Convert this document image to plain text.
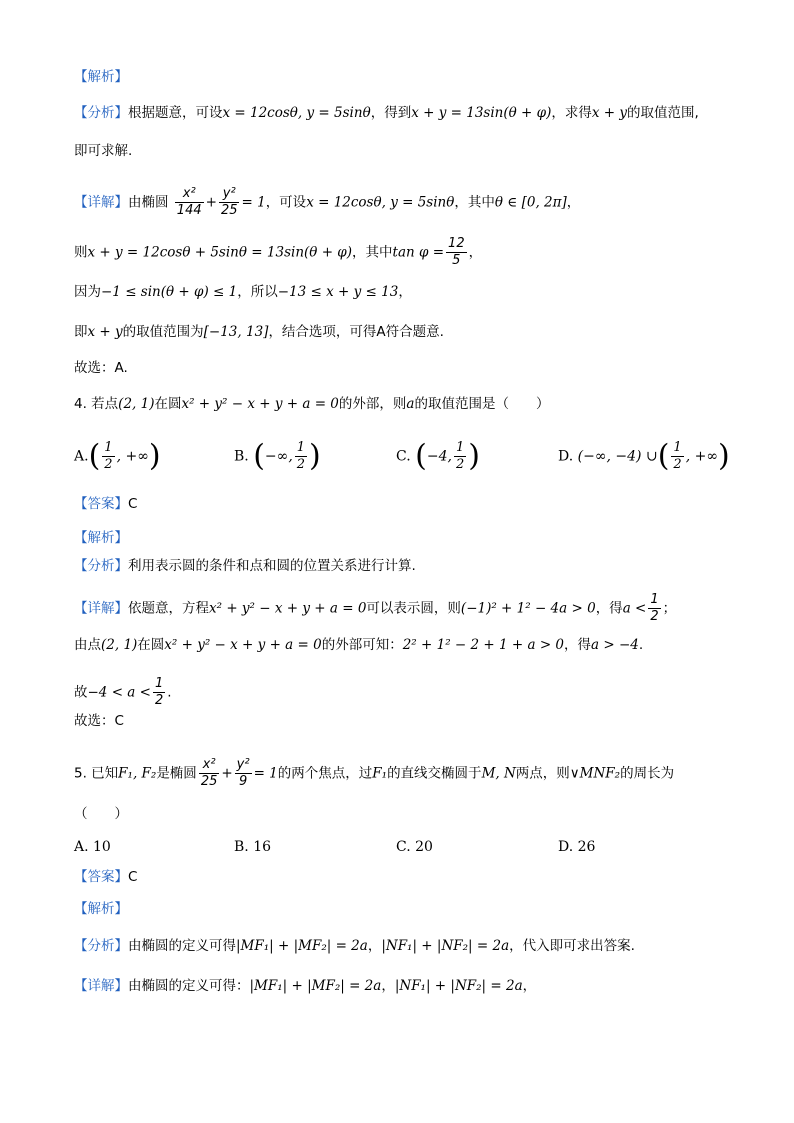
【解析】
【分析】根据题意，可设x = 12cosθ, y = 5sinθ，得到x + y = 13sin(θ + φ)，求得x + y的取值范围,
即可求解.
【详解】由椭圆 $\frac{\text{x²}}{144} + \frac{\text{y²}}{25} = 1$，可设x = 12cosθ, y = 5sinθ，其中θ ∈ [0, 2π]，
则x + y = 12cosθ + 5sinθ = 13sin(θ + φ)，其中$\tan \varphi = \frac{12}{5}$ ，
因为−1 ≤ sin(θ + φ) ≤ 1，所以−13 ≤ x + y ≤ 13，
即x + y的取值范围为[−13, 13]，结合选项，可得A符合题意.
故选：A.
4. 若点(2, 1)在圆x² + y² − x + y + a = 0的外部，则a的取值范围是（　　）
$A.( \frac{1}{2}$ , +∞)	B. (−∞, $\frac{1}{2}$ )	C. (−4, $\frac{1}{2}$ )	D. (−∞, −4) ∪( $\frac{1}{2}$ , +∞)
【答案】C
【解析】
【分析】利用表示圆的条件和点和圆的位置关系进行计算.
【详解】依题意，方程x² + y² − x + y + a = 0可以表示圆，则(−1)² + 1² − 4a > 0，得$a < \frac{1}{2}$ ；
由点(2, 1)在圆x² + y² − x + y + a = 0的外部可知：2² + 1² − 2 + 1 + a > 0，得a > −4.
故$-4 < a < \frac{1}{2}$ .
故选：C
5. 已知F₁, F₂是椭圆 $\frac{\text{x²}}{25} + \frac{\text{y²}}{9} = 1$的两个焦点，过F₁的直线交椭圆于M, N两点，则∨MNF₂的周长为
（　　）
A. 10	B. 16	C. 20	D. 26
【答案】C
【解析】
【分析】由椭圆的定义可得|MF₁| + |MF₂| = 2a，|NF₁| + |NF₂| = 2a，代入即可求出答案.
【详解】由椭圆的定义可得：|MF₁| + |MF₂| = 2a，|NF₁| + |NF₂| = 2a，
